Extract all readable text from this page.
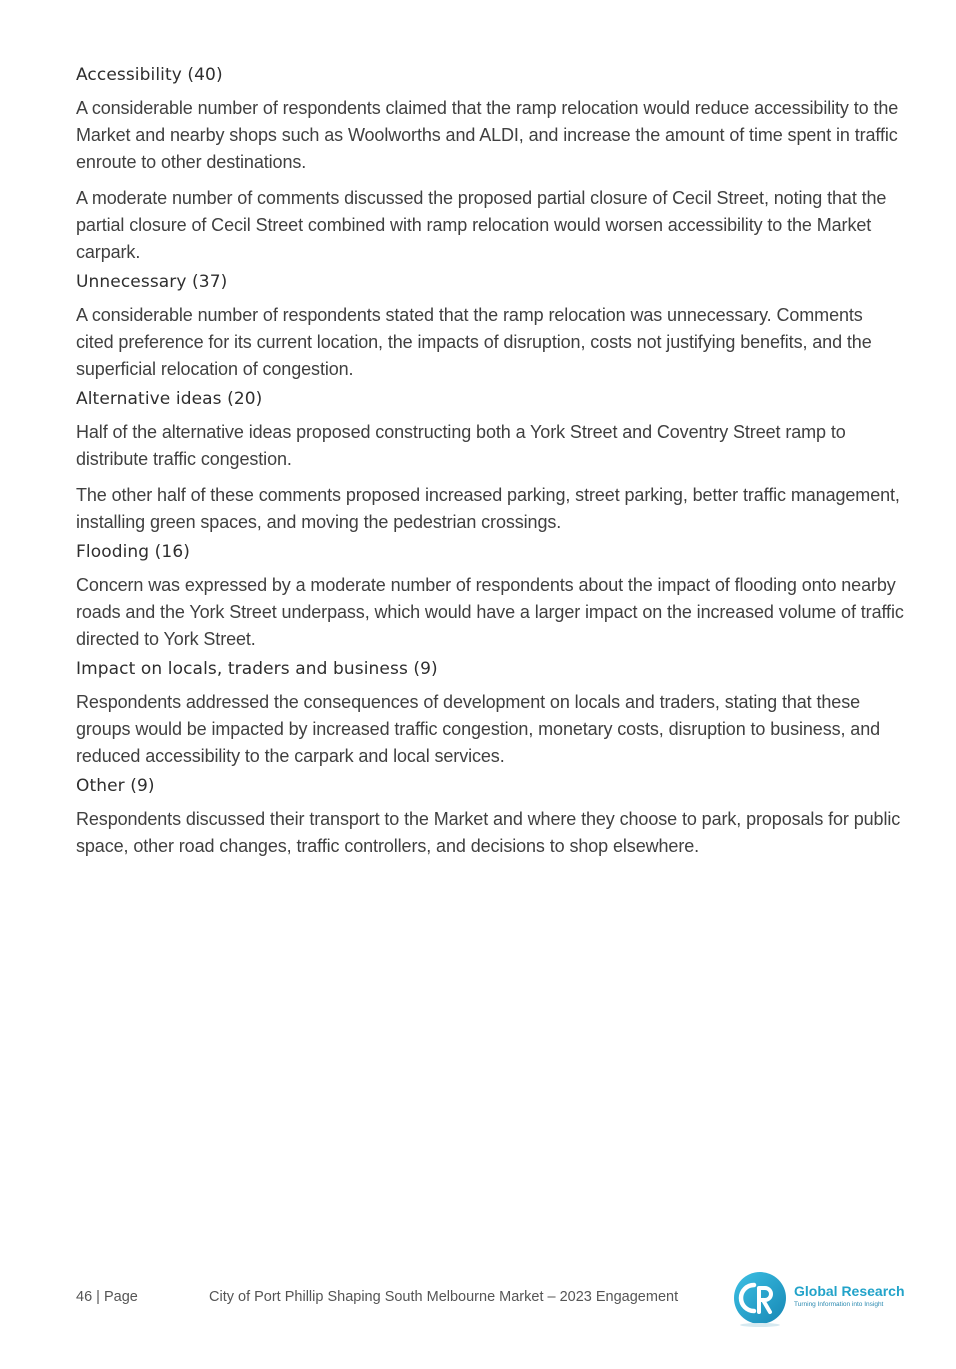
Accessibility (40)

A considerable number of respondents claimed that the ramp relocation would reduce accessibility to the Market and nearby shops such as Woolworths and ALDI, and increase the amount of time spent in traffic enroute to other destinations.

A moderate number of comments discussed the proposed partial closure of Cecil Street, noting that the partial closure of Cecil Street combined with ramp relocation would worsen accessibility to the Market carpark.

Unnecessary (37)

A considerable number of respondents stated that the ramp relocation was unnecessary. Comments cited preference for its current location, the impacts of disruption, costs not justifying benefits, and the superficial relocation of congestion.

Alternative ideas (20)

Half of the alternative ideas proposed constructing both a York Street and Coventry Street ramp to distribute traffic congestion.

The other half of these comments proposed increased parking, street parking, better traffic management, installing green spaces, and moving the pedestrian crossings.

Flooding (16)

Concern was expressed by a moderate number of respondents about the impact of flooding onto nearby roads and the York Street underpass, which would have a larger impact on the increased volume of traffic directed to York Street.

Impact on locals, traders and business (9)

Respondents addressed the consequences of development on locals and traders, stating that these groups would be impacted by increased traffic congestion, monetary costs, disruption to business, and reduced accessibility to the carpark and local services.

Other (9)

Respondents discussed their transport to the Market and where they choose to park, proposals for public space, other road changes, traffic controllers, and decisions to shop elsewhere.

46 | Page	City of Port Phillip Shaping South Melbourne Market – 2023 Engagement	Global Research
Turning Information into Insight
